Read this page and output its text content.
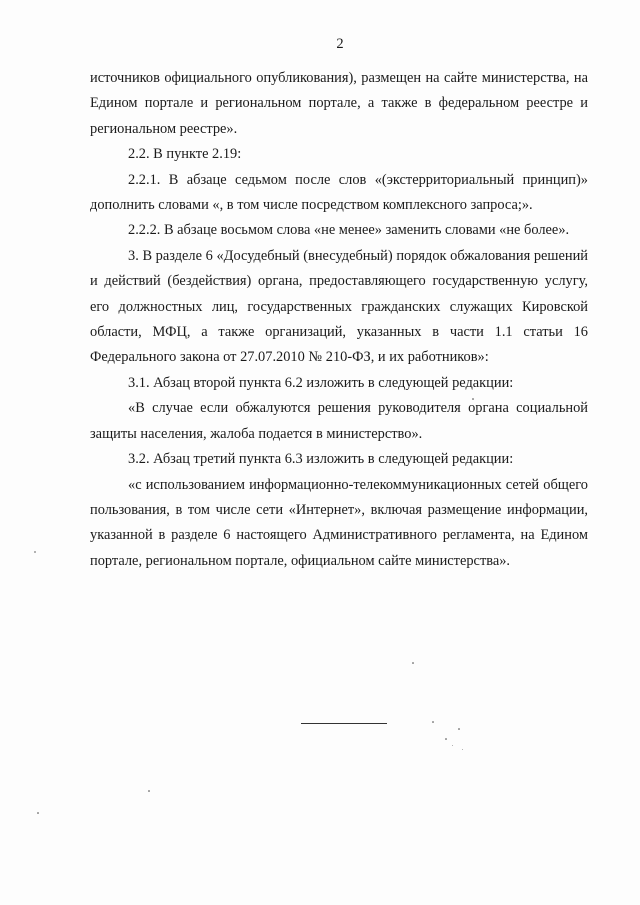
2

источников официального опубликования), размещен на сайте министерства, на Едином портале и региональном портале, а также в федеральном реестре и региональном реестре».

2.2. В пункте 2.19:

2.2.1. В абзаце седьмом после слов «(экстерриториальный принцип)» дополнить словами «, в том числе посредством комплексного запроса;».

2.2.2. В абзаце восьмом слова «не менее» заменить словами «не более».

3. В разделе 6 «Досудебный (внесудебный) порядок обжалования решений и действий (бездействия) органа, предоставляющего государственную услугу, его должностных лиц, государственных гражданских служащих Кировской области, МФЦ, а также организаций, указанных в части 1.1 статьи 16 Федерального закона от 27.07.2010 № 210-ФЗ, и их работников»:

3.1. Абзац второй пункта 6.2 изложить в следующей редакции:

«В случае если обжалуются решения руководителя органа социальной защиты населения, жалоба подается в министерство».

3.2. Абзац третий пункта 6.3 изложить в следующей редакции:

«с использованием информационно-телекоммуникационных сетей общего пользования, в том числе сети «Интернет», включая размещение информации, указанной в разделе 6 настоящего Административного регламента, на Едином портале, региональном портале, официальном сайте министерства».
